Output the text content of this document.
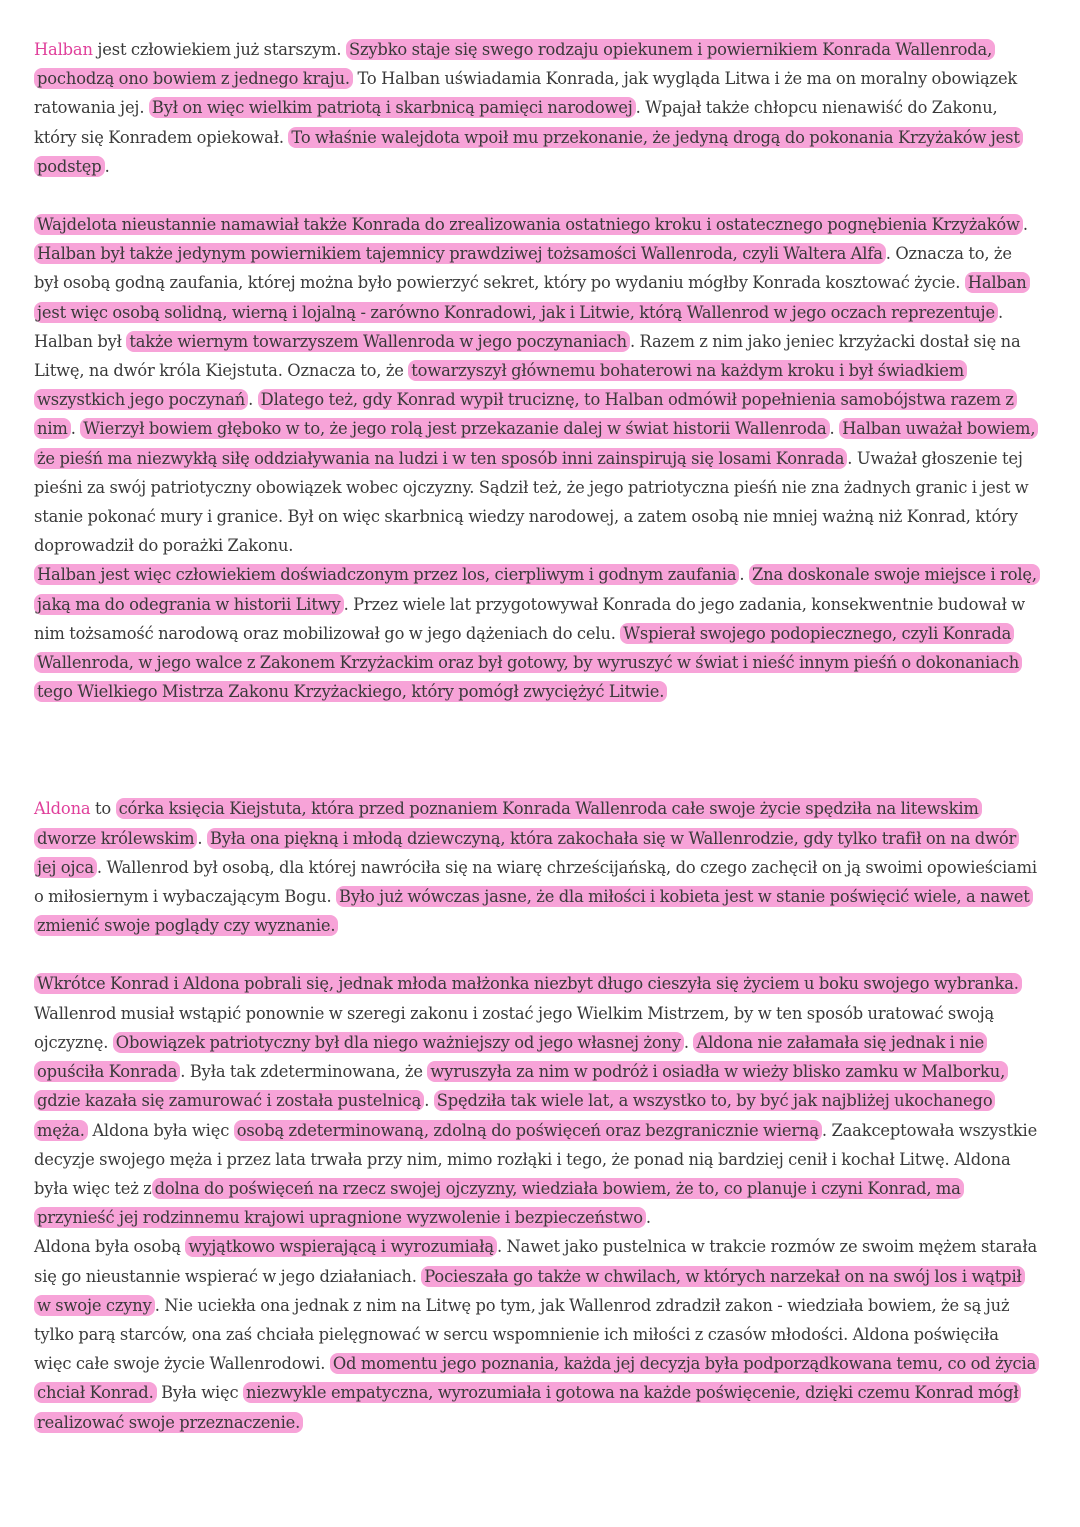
Halban jest człowiekiem już starszym. Szybko staje się swego rodzaju opiekunem i powiernikiem Konrada Wallenroda, pochodzą ono bowiem z jednego kraju. To Halban uświadamia Konrada, jak wygląda Litwa i że ma on moralny obowiązek ratowania jej. Był on więc wielkim patriotą i skarbnicą pamięci narodowej . Wpajał także chłopcu nienawiść do Zakonu, który się Konradem opiekował. To właśnie walejdota wpoił mu przekonanie, że jedyną drogą do pokonania Krzyżaków jest podstęp .

Wajdelota nieustannie namawiał także Konrada do zrealizowania ostatniego kroku i ostatecznego pognębienia Krzyżaków . Halban był także jedynym powiernikiem tajemnicy prawdziwej tożsamości Wallenroda, czyli Waltera Alfa . Oznacza to, że był osobą godną zaufania, której można było powierzyć sekret, który po wydaniu mógłby Konrada kosztować życie. Halban jest więc osobą solidną, wierną i lojalną - zarówno Konradowi, jak i Litwie, którą Wallenrod w jego oczach reprezentuje . Halban był także wiernym towarzyszem Wallenroda w jego poczynaniach . Razem z nim jako jeniec krzyżacki dostał się na Litwę, na dwór króla Kiejstuta. Oznacza to, że towarzyszył głównemu bohaterowi na każdym kroku i był świadkiem wszystkich jego poczynań . Dlatego też, gdy Konrad wypił truciznę, to Halban odmówił popełnienia samobójstwa razem z nim . Wierzył bowiem głęboko w to, że jego rolą jest przekazanie dalej w świat historii Wallenroda . Halban uważał bowiem, że pieśń ma niezwykłą siłę oddziaływania na ludzi i w ten sposób inni zainspirują się losami Konrada . Uważał głoszenie tej pieśni za swój patriotyczny obowiązek wobec ojczyzny. Sądził też, że jego patriotyczna pieśń nie zna żadnych granic i jest w stanie pokonać mury i granice. Był on więc skarbnicą wiedzy narodowej, a zatem osobą nie mniej ważną niż Konrad, który doprowadził do porażki Zakonu.

Halban jest więc człowiekiem doświadczonym przez los, cierpliwym i godnym zaufania . Zna doskonale swoje miejsce i rolę, jaką ma do odegrania w historii Litwy . Przez wiele lat przygotowywał Konrada do jego zadania, konsekwentnie budował w nim tożsamość narodową oraz mobilizował go w jego dążeniach do celu. Wspierał swojego podopiecznego, czyli Konrada Wallenroda, w jego walce z Zakonem Krzyżackim oraz był gotowy, by wyruszyć w świat i nieść innym pieśń o dokonaniach tego Wielkiego Mistrza Zakonu Krzyżackiego, który pomógł zwyciężyć Litwie.

Aldona to córka księcia Kiejstuta, która przed poznaniem Konrada Wallenroda całe swoje życie spędziła na litewskim dworze królewskim . Była ona piękną i młodą dziewczyną, która zakochała się w Wallenrodzie, gdy tylko trafił on na dwór jej ojca . Wallenrod był osobą, dla której nawróciła się na wiarę chrześcijańską, do czego zachęcił on ją swoimi opowieściami o miłosiernym i wybaczającym Bogu. Było już wówczas jasne, że dla miłości i kobieta jest w stanie poświęcić wiele, a nawet zmienić swoje poglądy czy wyznanie.

Wkrótce Konrad i Aldona pobrali się, jednak młoda małżonka niezbyt długo cieszyła się życiem u boku swojego wybranka. Wallenrod musiał wstąpić ponownie w szeregi zakonu i zostać jego Wielkim Mistrzem, by w ten sposób uratować swoją ojczyznę. Obowiązek patriotyczny był dla niego ważniejszy od jego własnej żony . Aldona nie załamała się jednak i nie opuściła Konrada . Była tak zdeterminowana, że wyruszyła za nim w podróż i osiadła w wieży blisko zamku w Malborku, gdzie kazała się zamurować i została pustelnicą . Spędziła tak wiele lat, a wszystko to, by być jak najbliżej ukochanego męża. Aldona była więc osobą zdeterminowaną, zdolną do poświęceń oraz bezgranicznie wierną . Zaakceptowała wszystkie decyzje swojego męża i przez lata trwała przy nim, mimo rozłąki i tego, że ponad nią bardziej cenił i kochał Litwę. Aldona była więc też z dolna do poświęceń na rzecz swojej ojczyzny, wiedziała bowiem, że to, co planuje i czyni Konrad, ma przynieść jej rodzinnemu krajowi upragnione wyzwolenie i bezpieczeństwo .

Aldona była osobą wyjątkowo wspierającą i wyrozumiałą . Nawet jako pustelnica w trakcie rozmów ze swoim mężem starała się go nieustannie wspierać w jego działaniach. Pocieszała go także w chwilach, w których narzekał on na swój los i wątpił w swoje czyny . Nie uciekła ona jednak z nim na Litwę po tym, jak Wallenrod zdradził zakon - wiedziała bowiem, że są już tylko parą starców, ona zaś chciała pielęgnować w sercu wspomnienie ich miłości z czasów młodości. Aldona poświęciła więc całe swoje życie Wallenrodowi. Od momentu jego poznania, każda jej decyzja była podporządkowana temu, co od życia chciał Konrad. Była więc niezwykle empatyczna, wyrozumiała i gotowa na każde poświęcenie, dzięki czemu Konrad mógł realizować swoje przeznaczenie.
